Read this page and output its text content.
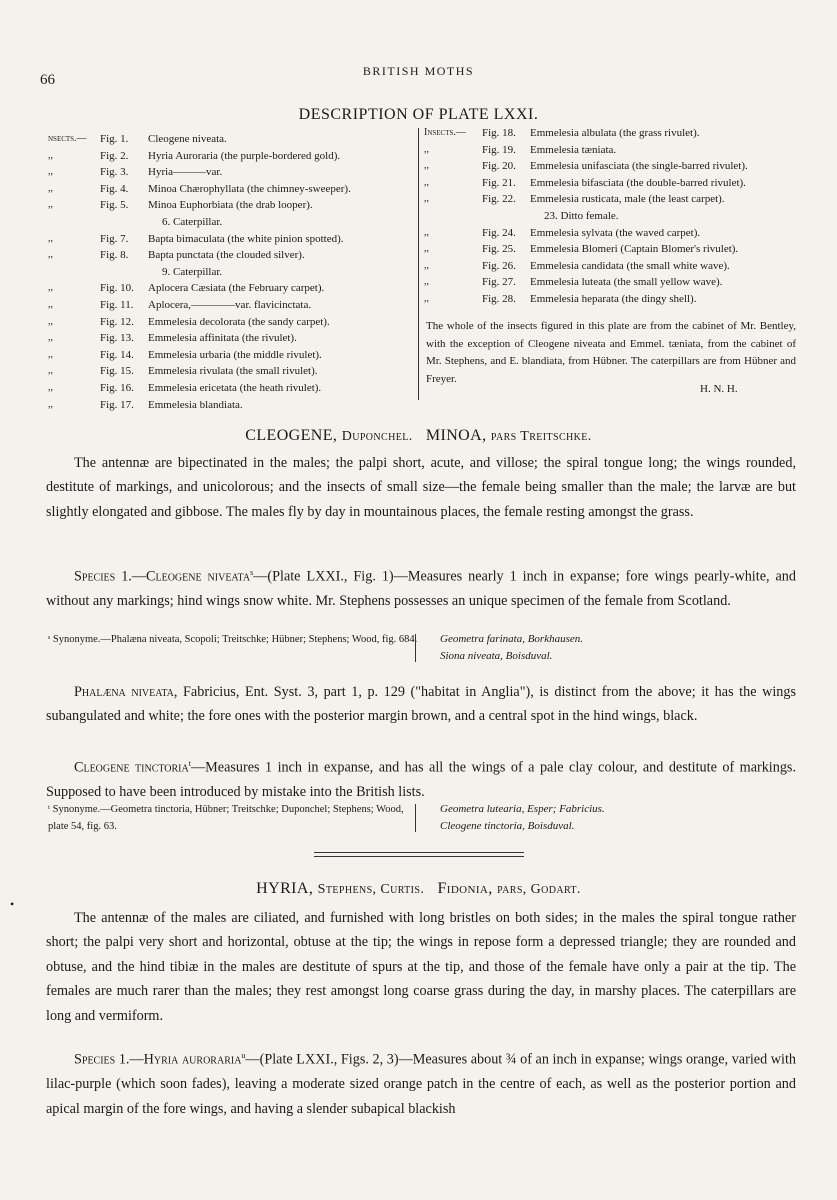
66
BRITISH MOTHS
DESCRIPTION OF PLATE LXXI.
nsects.—	Fig. 1.	Cleogene niveata.
,,	Fig. 2.	Hyria Auroraria (the purple-bordered gold).
,,	Fig. 3.	Hyria———var.
,,	Fig. 4.	Minoa Chærophyllata (the chimney-sweeper).
,,	Fig. 5.	Minoa Euphorbiata (the drab looper).
6. Caterpillar.
,,	Fig. 7.	Bapta bimaculata (the white pinion spotted).
,,	Fig. 8.	Bapta punctata (the clouded silver).
9. Caterpillar.
,,	Fig. 10.	Aplocera Cæsiata (the February carpet).
,,	Fig. 11.	Aplocera,————var. flavicinctata.
,,	Fig. 12.	Emmelesia decolorata (the sandy carpet).
,,	Fig. 13.	Emmelesia affinitata (the rivulet).
,,	Fig. 14.	Emmelesia urbaria (the middle rivulet).
,,	Fig. 15.	Emmelesia rivulata (the small rivulet).
,,	Fig. 16.	Emmelesia ericetata (the heath rivulet).
,,	Fig. 17.	Emmelesia blandiata.
Insects.—	Fig. 18.	Emmelesia albulata (the grass rivulet).
,,	Fig. 19.	Emmelesia tæniata.
,,	Fig. 20.	Emmelesia unifasciata (the single-barred rivulet).
,,	Fig. 21.	Emmelesia bifasciata (the double-barred rivulet).
,,	Fig. 22.	Emmelesia rusticata, male (the least carpet).
23. Ditto female.
,,	Fig. 24.	Emmelesia sylvata (the waved carpet).
,,	Fig. 25.	Emmelesia Blomeri (Captain Blomer's rivulet).
,,	Fig. 26.	Emmelesia candidata (the small white wave).
,,	Fig. 27.	Emmelesia luteata (the small yellow wave).
,,	Fig. 28.	Emmelesia heparata (the dingy shell).
The whole of the insects figured in this plate are from the cabinet of Mr. Bentley, with the exception of Cleogene niveata and Emmel. tæniata, from the cabinet of Mr. Stephens, and E. blandiata, from Hübner. The caterpillars are from Hübner and Freyer.
H. N. H.
CLEOGENE, Duponchel. MINOA, pars Treitschke.
The antennæ are bipectinated in the males; the palpi short, acute, and villose; the spiral tongue long; the wings rounded, destitute of markings, and unicolorous; and the insects of small size—the female being smaller than the male; the larvæ are but slightly elongated and gibbose. The males fly by day in mountainous places, the female resting amongst the grass.
Species 1.—Cleogene niveata$^s$—(Plate LXXI., Fig. 1)—Measures nearly 1 inch in expanse; fore wings pearly-white, and without any markings; hind wings snow white. Mr. Stephens possesses an unique specimen of the female from Scotland.
ˢ Synonyme.—Phalæna niveata, Scopoli; Treitschke; Hübner; Stephens; Wood, fig. 684. Geometra farinata, Borkhausen.
Siona niveata, Boisduval.
Phalæna niveata, Fabricius, Ent. Syst. 3, part 1, p. 129 ("habitat in Anglia"), is distinct from the above; it has the wings subangulated and white; the fore ones with the posterior margin brown, and a central spot in the hind wings, black.
Cleogene tinctoria$^t$—Measures 1 inch in expanse, and has all the wings of a pale clay colour, and destitute of markings. Supposed to have been introduced by mistake into the British lists.
ᵗ Synonyme.—Geometra tinctoria, Hübner; Treitschke; Duponchel; Stephens; Wood, plate 54, fig. 63.
Geometra lutearia, Esper; Fabricius.
Cleogene tinctoria, Boisduval.
•
HYRIA, Stephens, Curtis. Fidonia, pars, Godart.
The antennæ of the males are ciliated, and furnished with long bristles on both sides; in the males the spiral tongue rather short; the palpi very short and horizontal, obtuse at the tip; the wings in repose form a depressed triangle; they are rounded and obtuse, and the hind tibiæ in the males are destitute of spurs at the tip, and those of the female have only a pair at the tip. The females are much rarer than the males; they rest amongst long coarse grass during the day, in marshy places. The caterpillars are long and vermiform.
Species 1.—Hyria auroraria$^u$—(Plate LXXI., Figs. 2, 3)—Measures about ¾ of an inch in expanse; wings orange, varied with lilac-purple (which soon fades), leaving a moderate sized orange patch in the centre of each, as well as the posterior portion and apical margin of the fore wings, and having a slender subapical blackish
